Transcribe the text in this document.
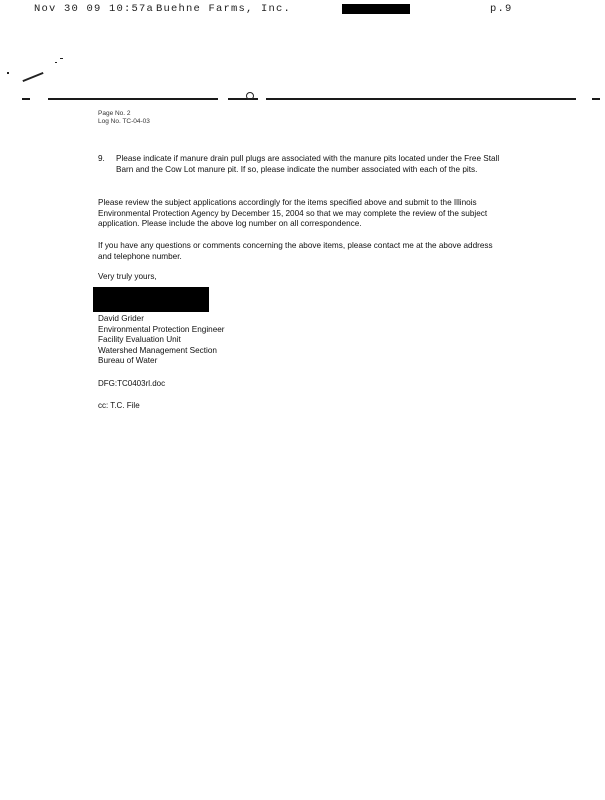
Nov 30 09 10:57a Buehne Farms, Inc.	p.9
Page No. 2
Log No. TC-04-03
9. Please indicate if manure drain pull plugs are associated with the manure pits located under the Free Stall Barn and the Cow Lot manure pit. If so, please indicate the number associated with each of the pits.
Please review the subject applications accordingly for the items specified above and submit to the Illinois Environmental Protection Agency by December 15, 2004 so that we may complete the review of the subject application. Please include the above log number on all correspondence.
If you have any questions or comments concerning the above items, please contact me at the above address and telephone number.
Very truly yours,
David Grider
Environmental Protection Engineer
Facility Evaluation Unit
Watershed Management Section
Bureau of Water
DFG:TC0403rl.doc
cc: T.C. File
